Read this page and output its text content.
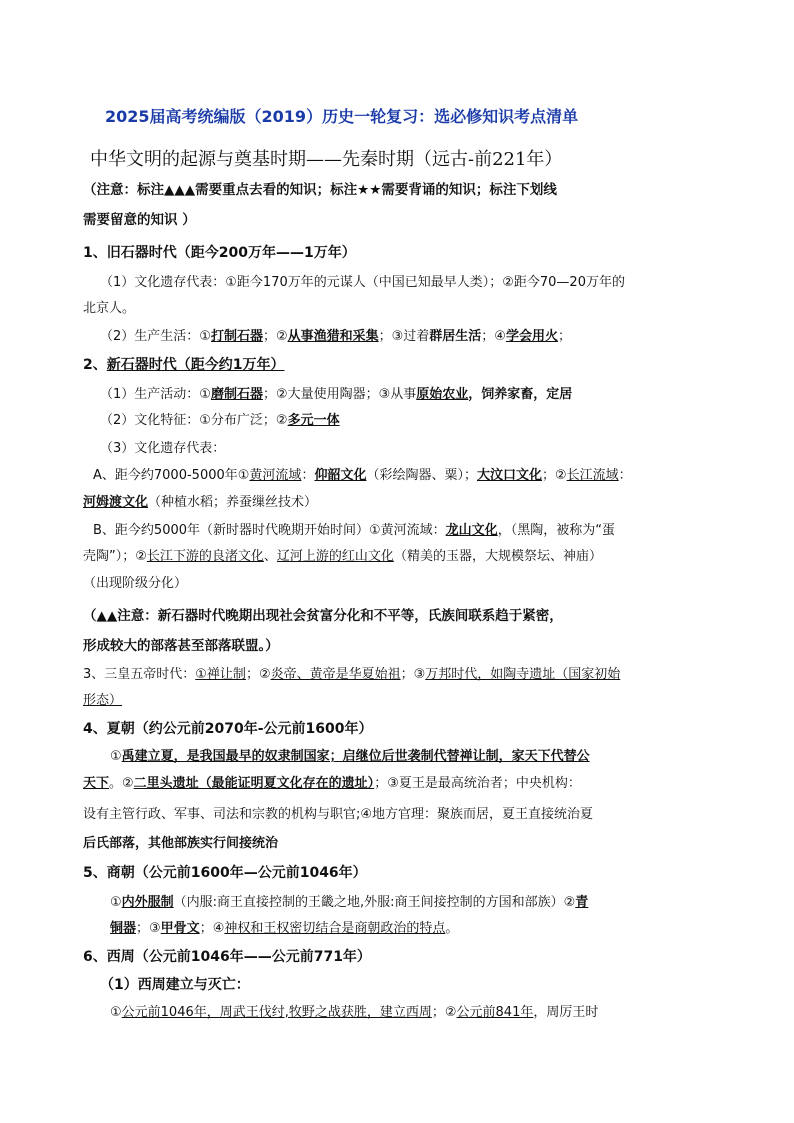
2025届高考统编版（2019）历史一轮复习：选必修知识考点清单
中华文明的起源与奠基时期——先秦时期（远古-前221年）
（注意：标注▲▲▲需要重点去看的知识；标注★★需要背诵的知识；标注下划线
需要留意的知识 ）
1、旧石器时代（距今200万年——1万年）
（1）文化遗存代表：①距今170万年的元谋人（中国已知最早人类）；②距今70—20万年的
北京人。
（2）生产生活：①打制石器；②从事渔猎和采集；③过着群居生活；④学会用火；
2、新石器时代（距今约1万年）
（1）生产活动：①磨制石器；②大量使用陶器；③从事原始农业，饲养家畜，定居
（2）文化特征：①分布广泛；②多元一体
（3）文化遗存代表：
A、距今约7000-5000年①黄河流域：仰韶文化（彩绘陶器、粟）；大汶口文化；②长江流域：
河姆渡文化（种植水稻；养蚕缫丝技术）
B、距今约5000年（新时器时代晚期开始时间）①黄河流域：龙山文化，（黑陶，被称为“蛋
壳陶”）；②长江下游的良渚文化、辽河上游的红山文化（精美的玉器，大规模祭坛、神庙）
（出现阶级分化）
（▲▲注意：新石器时代晚期出现社会贫富分化和不平等，氏族间联系趋于紧密，
形成较大的部落甚至部落联盟。）
3、三皇五帝时代：①禅让制；②炎帝、黄帝是华夏始祖；③万邦时代，如陶寺遗址（国家初始
形态）
4、夏朝（约公元前2070年-公元前1600年）
①禹建立夏，是我国最早的奴隶制国家；启继位后世袭制代替禅让制，家天下代替公
天下。②二里头遗址（最能证明夏文化存在的遗址）；③夏王是最高统治者；中央机构：
设有主管行政、军事、司法和宗教的机构与职官;④地方官理：聚族而居，夏王直接统治夏
后氏部落，其他部族实行间接统治
5、商朝（公元前1600年—公元前1046年）
①内外服制（内服:商王直接控制的王畿之地,外服:商王间接控制的方国和部族）②青
铜器；③甲骨文；④神权和王权密切结合是商朝政治的特点。
6、西周（公元前1046年——公元前771年）
（1）西周建立与灭亡：
①公元前1046年，周武王伐纣,牧野之战获胜，建立西周；②公元前841年，周厉王时
